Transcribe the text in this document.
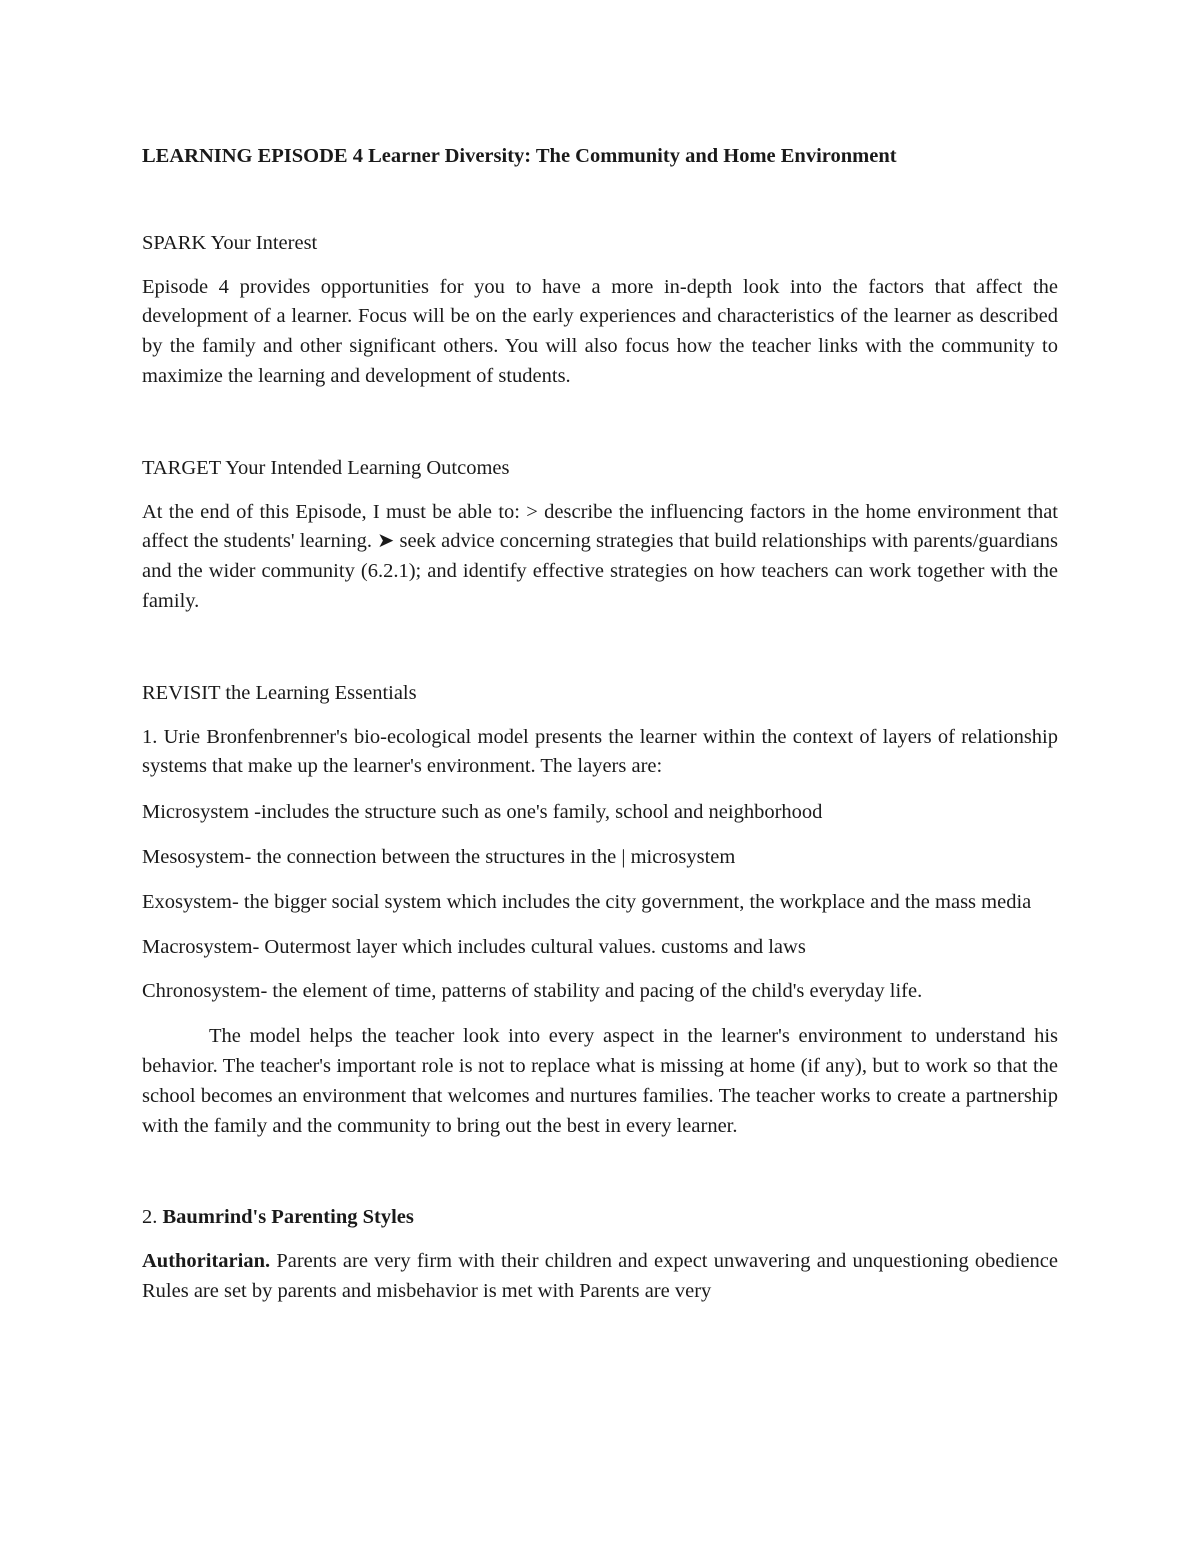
LEARNING EPISODE 4 Learner Diversity: The Community and Home Environment
SPARK Your Interest

Episode 4 provides opportunities for you to have a more in-depth look into the factors that affect the development of a learner. Focus will be on the early experiences and characteristics of the learner as described by the family and other significant others. You will also focus how the teacher links with the community to maximize the learning and development of students.

TARGET Your Intended Learning Outcomes

At the end of this Episode, I must be able to: > describe the influencing factors in the home environment that affect the students' learning. ➤ seek advice concerning strategies that build relationships with parents/guardians and the wider community (6.2.1); and identify effective strategies on how teachers can work together with the family.

REVISIT the Learning Essentials

1. Urie Bronfenbrenner's bio-ecological model presents the learner within the context of layers of relationship systems that make up the learner's environment. The layers are:

Microsystem -includes the structure such as one's family, school and neighborhood

Mesosystem- the connection between the structures in the | microsystem

Exosystem- the bigger social system which includes the city government, the workplace and the mass media

Macrosystem- Outermost layer which includes cultural values. customs and laws

Chronosystem- the element of time, patterns of stability and pacing of the child's everyday life.

The model helps the teacher look into every aspect in the learner's environment to understand his behavior. The teacher's important role is not to replace what is missing at home (if any), but to work so that the school becomes an environment that welcomes and nurtures families. The teacher works to create a partnership with the family and the community to bring out the best in every learner.

2. Baumrind's Parenting Styles

Authoritarian. Parents are very firm with their children and expect unwavering and unquestioning obedience Rules are set by parents and misbehavior is met with Parents are very
